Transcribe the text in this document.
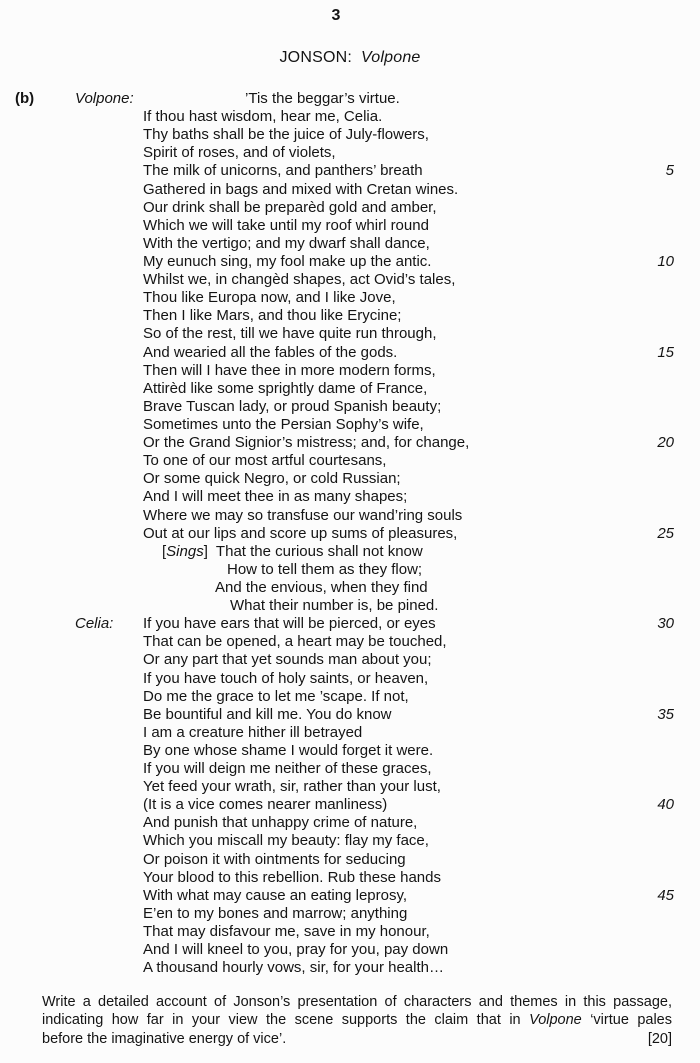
3
JONSON: Volpone
(b)	Volpone:	’Tis the beggar’s virtue.
If thou hast wisdom, hear me, Celia.
Thy baths shall be the juice of July-flowers,
Spirit of roses, and of violets,
The milk of unicorns, and panthers’ breath	5
Gathered in bags and mixed with Cretan wines.
Our drink shall be preparèd gold and amber,
Which we will take until my roof whirl round
With the vertigo; and my dwarf shall dance,
My eunuch sing, my fool make up the antic.	10
Whilst we, in changèd shapes, act Ovid’s tales,
Thou like Europa now, and I like Jove,
Then I like Mars, and thou like Erycine;
So of the rest, till we have quite run through,
And wearied all the fables of the gods.	15
Then will I have thee in more modern forms,
Attirèd like some sprightly dame of France,
Brave Tuscan lady, or proud Spanish beauty;
Sometimes unto the Persian Sophy’s wife,
Or the Grand Signior’s mistress; and, for change,	20
To one of our most artful courtesans,
Or some quick Negro, or cold Russian;
And I will meet thee in as many shapes;
Where we may so transfuse our wand’ring souls
Out at our lips and score up sums of pleasures,	25
[Sings]  That the curious shall not know
How to tell them as they flow;
And the envious, when they find
What their number is, be pined.
Celia:	If you have ears that will be pierced, or eyes	30
That can be opened, a heart may be touched,
Or any part that yet sounds man about you;
If you have touch of holy saints, or heaven,
Do me the grace to let me ’scape. If not,
Be bountiful and kill me. You do know	35
I am a creature hither ill betrayed
By one whose shame I would forget it were.
If you will deign me neither of these graces,
Yet feed your wrath, sir, rather than your lust,
(It is a vice comes nearer manliness)	40
And punish that unhappy crime of nature,
Which you miscall my beauty: flay my face,
Or poison it with ointments for seducing
Your blood to this rebellion. Rub these hands
With what may cause an eating leprosy,	45
E’en to my bones and marrow; anything
That may disfavour me, save in my honour,
And I will kneel to you, pray for you, pay down
A thousand hourly vows, sir, for your health…
Write a detailed account of Jonson’s presentation of characters and themes in this passage,
indicating how far in your view the scene supports the claim that in Volpone ‘virtue pales
before the imaginative energy of vice’.	[20]
